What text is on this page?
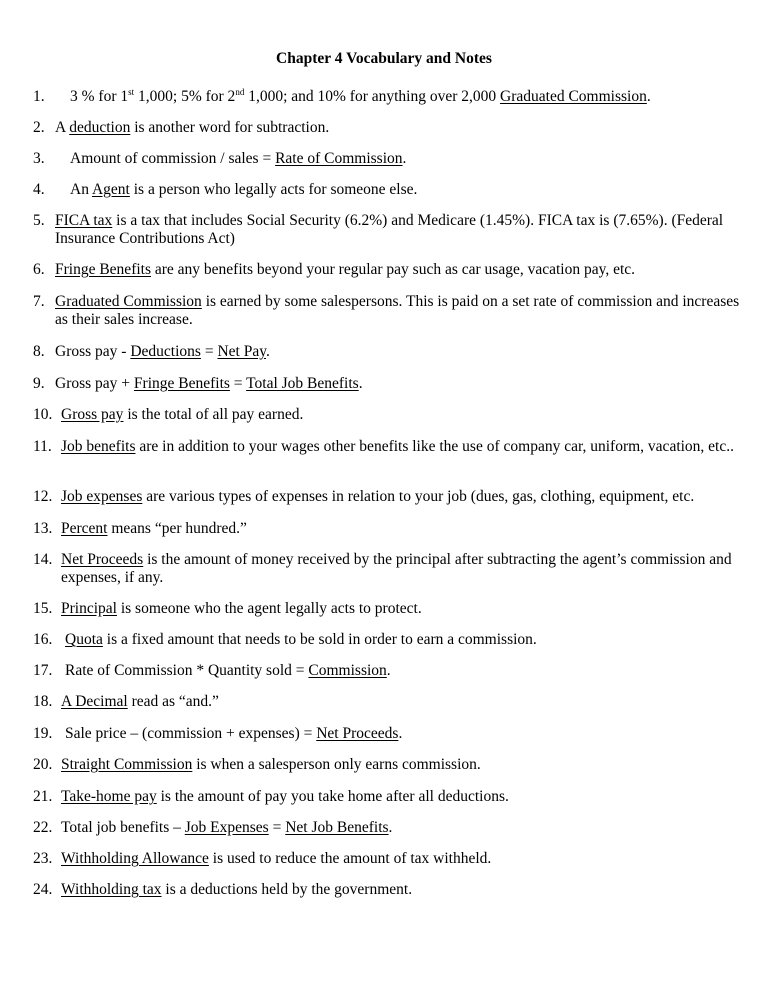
Chapter 4 Vocabulary and Notes
1.	3 % for 1st 1,000; 5% for 2nd 1,000; and 10% for anything over 2,000 Graduated Commission.
2. A deduction is another word for subtraction.
3.	Amount of commission / sales = Rate of Commission.
4.	An Agent is a person who legally acts for someone else.
5. FICA tax is a tax that includes Social Security (6.2%) and Medicare (1.45%). FICA tax is (7.65%). (Federal Insurance Contributions Act)
6. Fringe Benefits are any benefits beyond your regular pay such as car usage, vacation pay, etc.
7. Graduated Commission is earned by some salespersons. This is paid on a set rate of commission and increases as their sales increase.
8. Gross pay - Deductions = Net Pay.
9. Gross pay + Fringe Benefits = Total Job Benefits.
10. Gross pay is the total of all pay earned.
11. Job benefits are in addition to your wages other benefits like the use of company car, uniform, vacation, etc..
12. Job expenses are various types of expenses in relation to your job (dues, gas, clothing, equipment, etc.
13. Percent means “per hundred.”
14. Net Proceeds is the amount of money received by the principal after subtracting the agent’s commission and expenses, if any.
15. Principal is someone who the agent legally acts to protect.
16. Quota is a fixed amount that needs to be sold in order to earn a commission.
17. Rate of Commission * Quantity sold = Commission.
18. A Decimal read as “and.”
19. Sale price – (commission + expenses) = Net Proceeds.
20. Straight Commission is when a salesperson only earns commission.
21. Take-home pay is the amount of pay you take home after all deductions.
22. Total job benefits – Job Expenses = Net Job Benefits.
23. Withholding Allowance is used to reduce the amount of tax withheld.
24. Withholding tax is a deductions held by the government.
